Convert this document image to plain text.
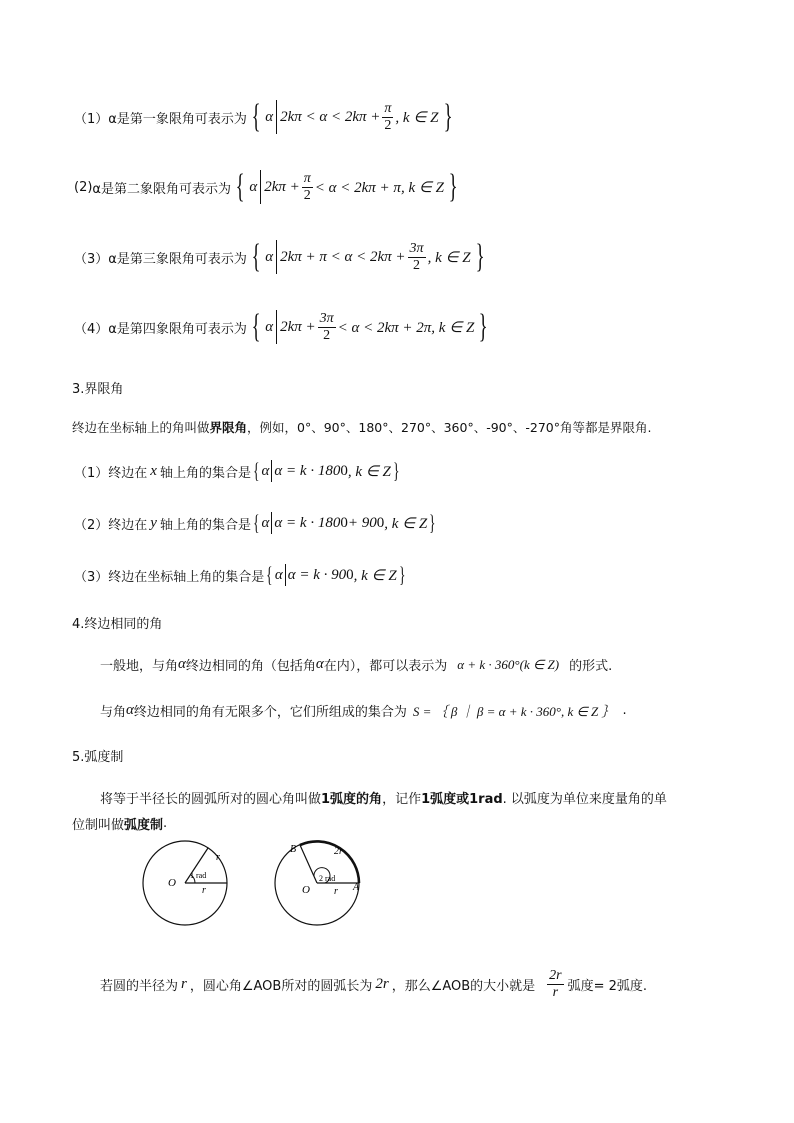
（1） α是第一象限角可表示为 { α $2k\pi < \alpha < 2k\pi + \frac{\pi}{2}$ , k ∈ Z }
(2) α是第二象限角可表示为 { α $2k\pi + \frac{\pi}{2} < \alpha < 2k\pi + \pi$, k ∈ Z }
（3） α是第三象限角可表示为 { α $2k\pi + \pi < \alpha < 2k\pi + \frac{3\pi}{2}$ , k ∈ Z }
（4） α是第四象限角可表示为 { α $2k\pi + \frac{3\pi}{2} < \alpha < 2k\pi + 2\pi$, k ∈ Z }
3.界限角
终边在坐标轴上的角叫做 界限角 ，例如，0°、90°、180°、270°、360°、-90°、-270°角等都是界限角.
（1） 终边在 x 轴上角的集合是 { α α = k · 180 0 , k ∈ Z }
（2） 终边在 y 轴上角的集合是 { α α = k · 180 0 + 90 0 , k ∈ Z }
（3） 终边在坐标轴上角的集合是 { α α = k · 90 0 , k ∈ Z }
4.终边相同的角
一般地，与角 α 终边相同的角（包括角 α 在内），都可以表示为 α + k · 360°(k ∈ Z) 的形式.
与角 α 终边相同的角有无限多个，它们所组成的集合为 S = ｛ β ｜ β = α + k · 360°, k ∈ Z ｝ .
5.弧度制
将等于半径长的圆弧所对的圆心角叫做 1弧度的角 ，记作 1弧度或1rad . 以弧度为单位来度量角的单
位制叫做 弧度制 .
O
1 rad
r
r	O	A
B	2r
2 rad
r
若圆的半径为 r ，圆心角∠AOB所对的圆弧长为 2r ，那么∠AOB的大小就是 $\frac{2r}{r}$ 弧度= 2弧度.
